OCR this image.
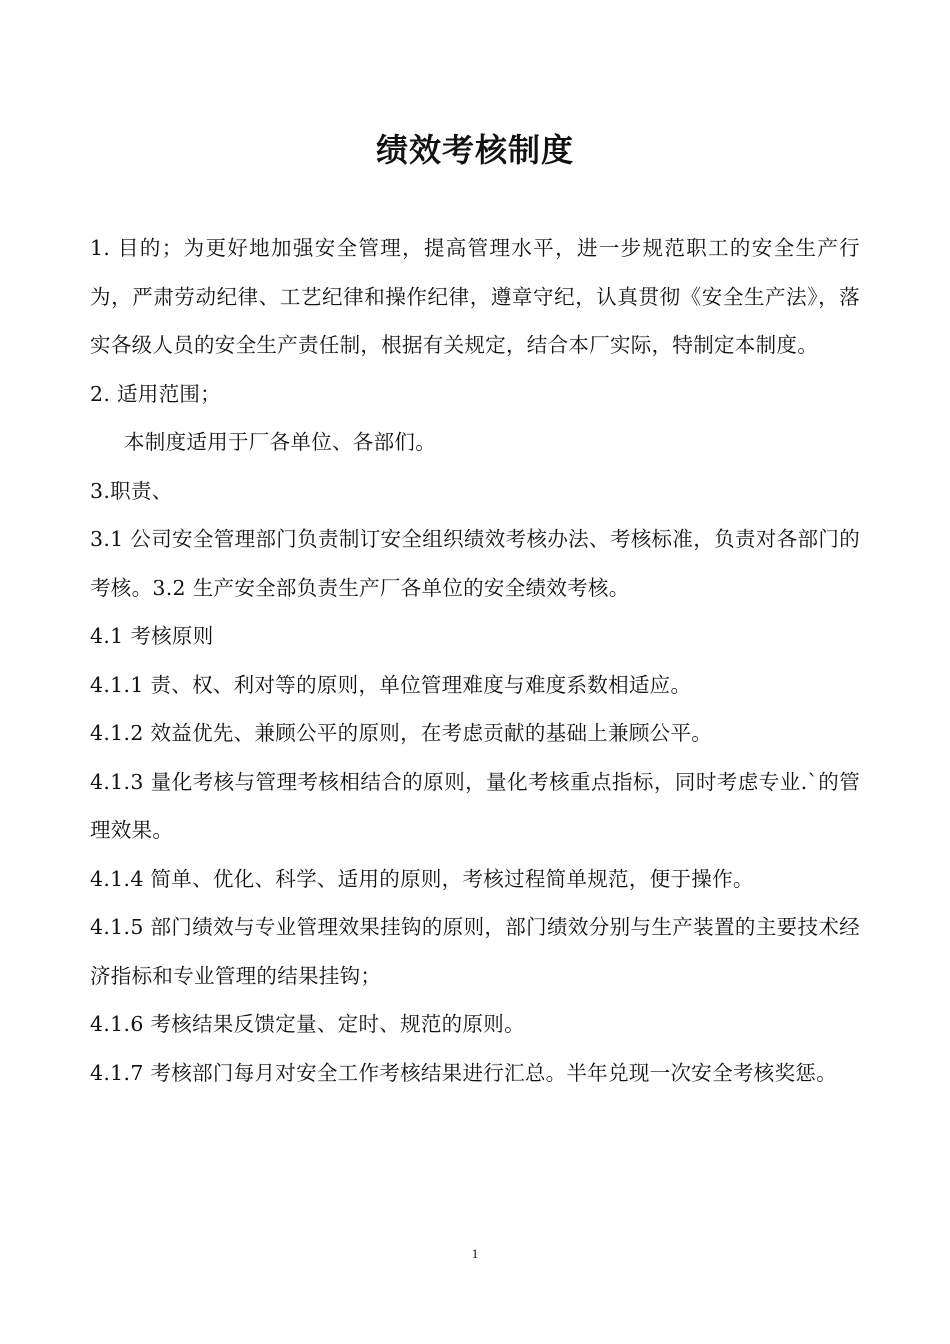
绩效考核制度

1. 目的；为更好地加强安全管理，提高管理水平，进一步规范职工的安全生产行为，严肃劳动纪律、工艺纪律和操作纪律，遵章守纪，认真贯彻《安全生产法》，落实各级人员的安全生产责任制，根据有关规定，结合本厂实际，特制定本制度。

2. 适用范围；

本制度适用于厂各单位、各部们。

3.职责、

3.1 公司安全管理部门负责制订安全组织绩效考核办法、考核标准，负责对各部门的考核。3.2 生产安全部负责生产厂各单位的安全绩效考核。

4.1 考核原则

4.1.1 责、权、利对等的原则，单位管理难度与难度系数相适应。

4.1.2 效益优先、兼顾公平的原则，在考虑贡献的基础上兼顾公平。

4.1.3 量化考核与管理考核相结合的原则，量化考核重点指标，同时考虑专业.`的管理效果。

4.1.4 简单、优化、科学、适用的原则，考核过程简单规范，便于操作。

4.1.5 部门绩效与专业管理效果挂钩的原则，部门绩效分别与生产装置的主要技术经济指标和专业管理的结果挂钩；

4.1.6 考核结果反馈定量、定时、规范的原则。

4.1.7 考核部门每月对安全工作考核结果进行汇总。半年兑现一次安全考核奖惩。

1
